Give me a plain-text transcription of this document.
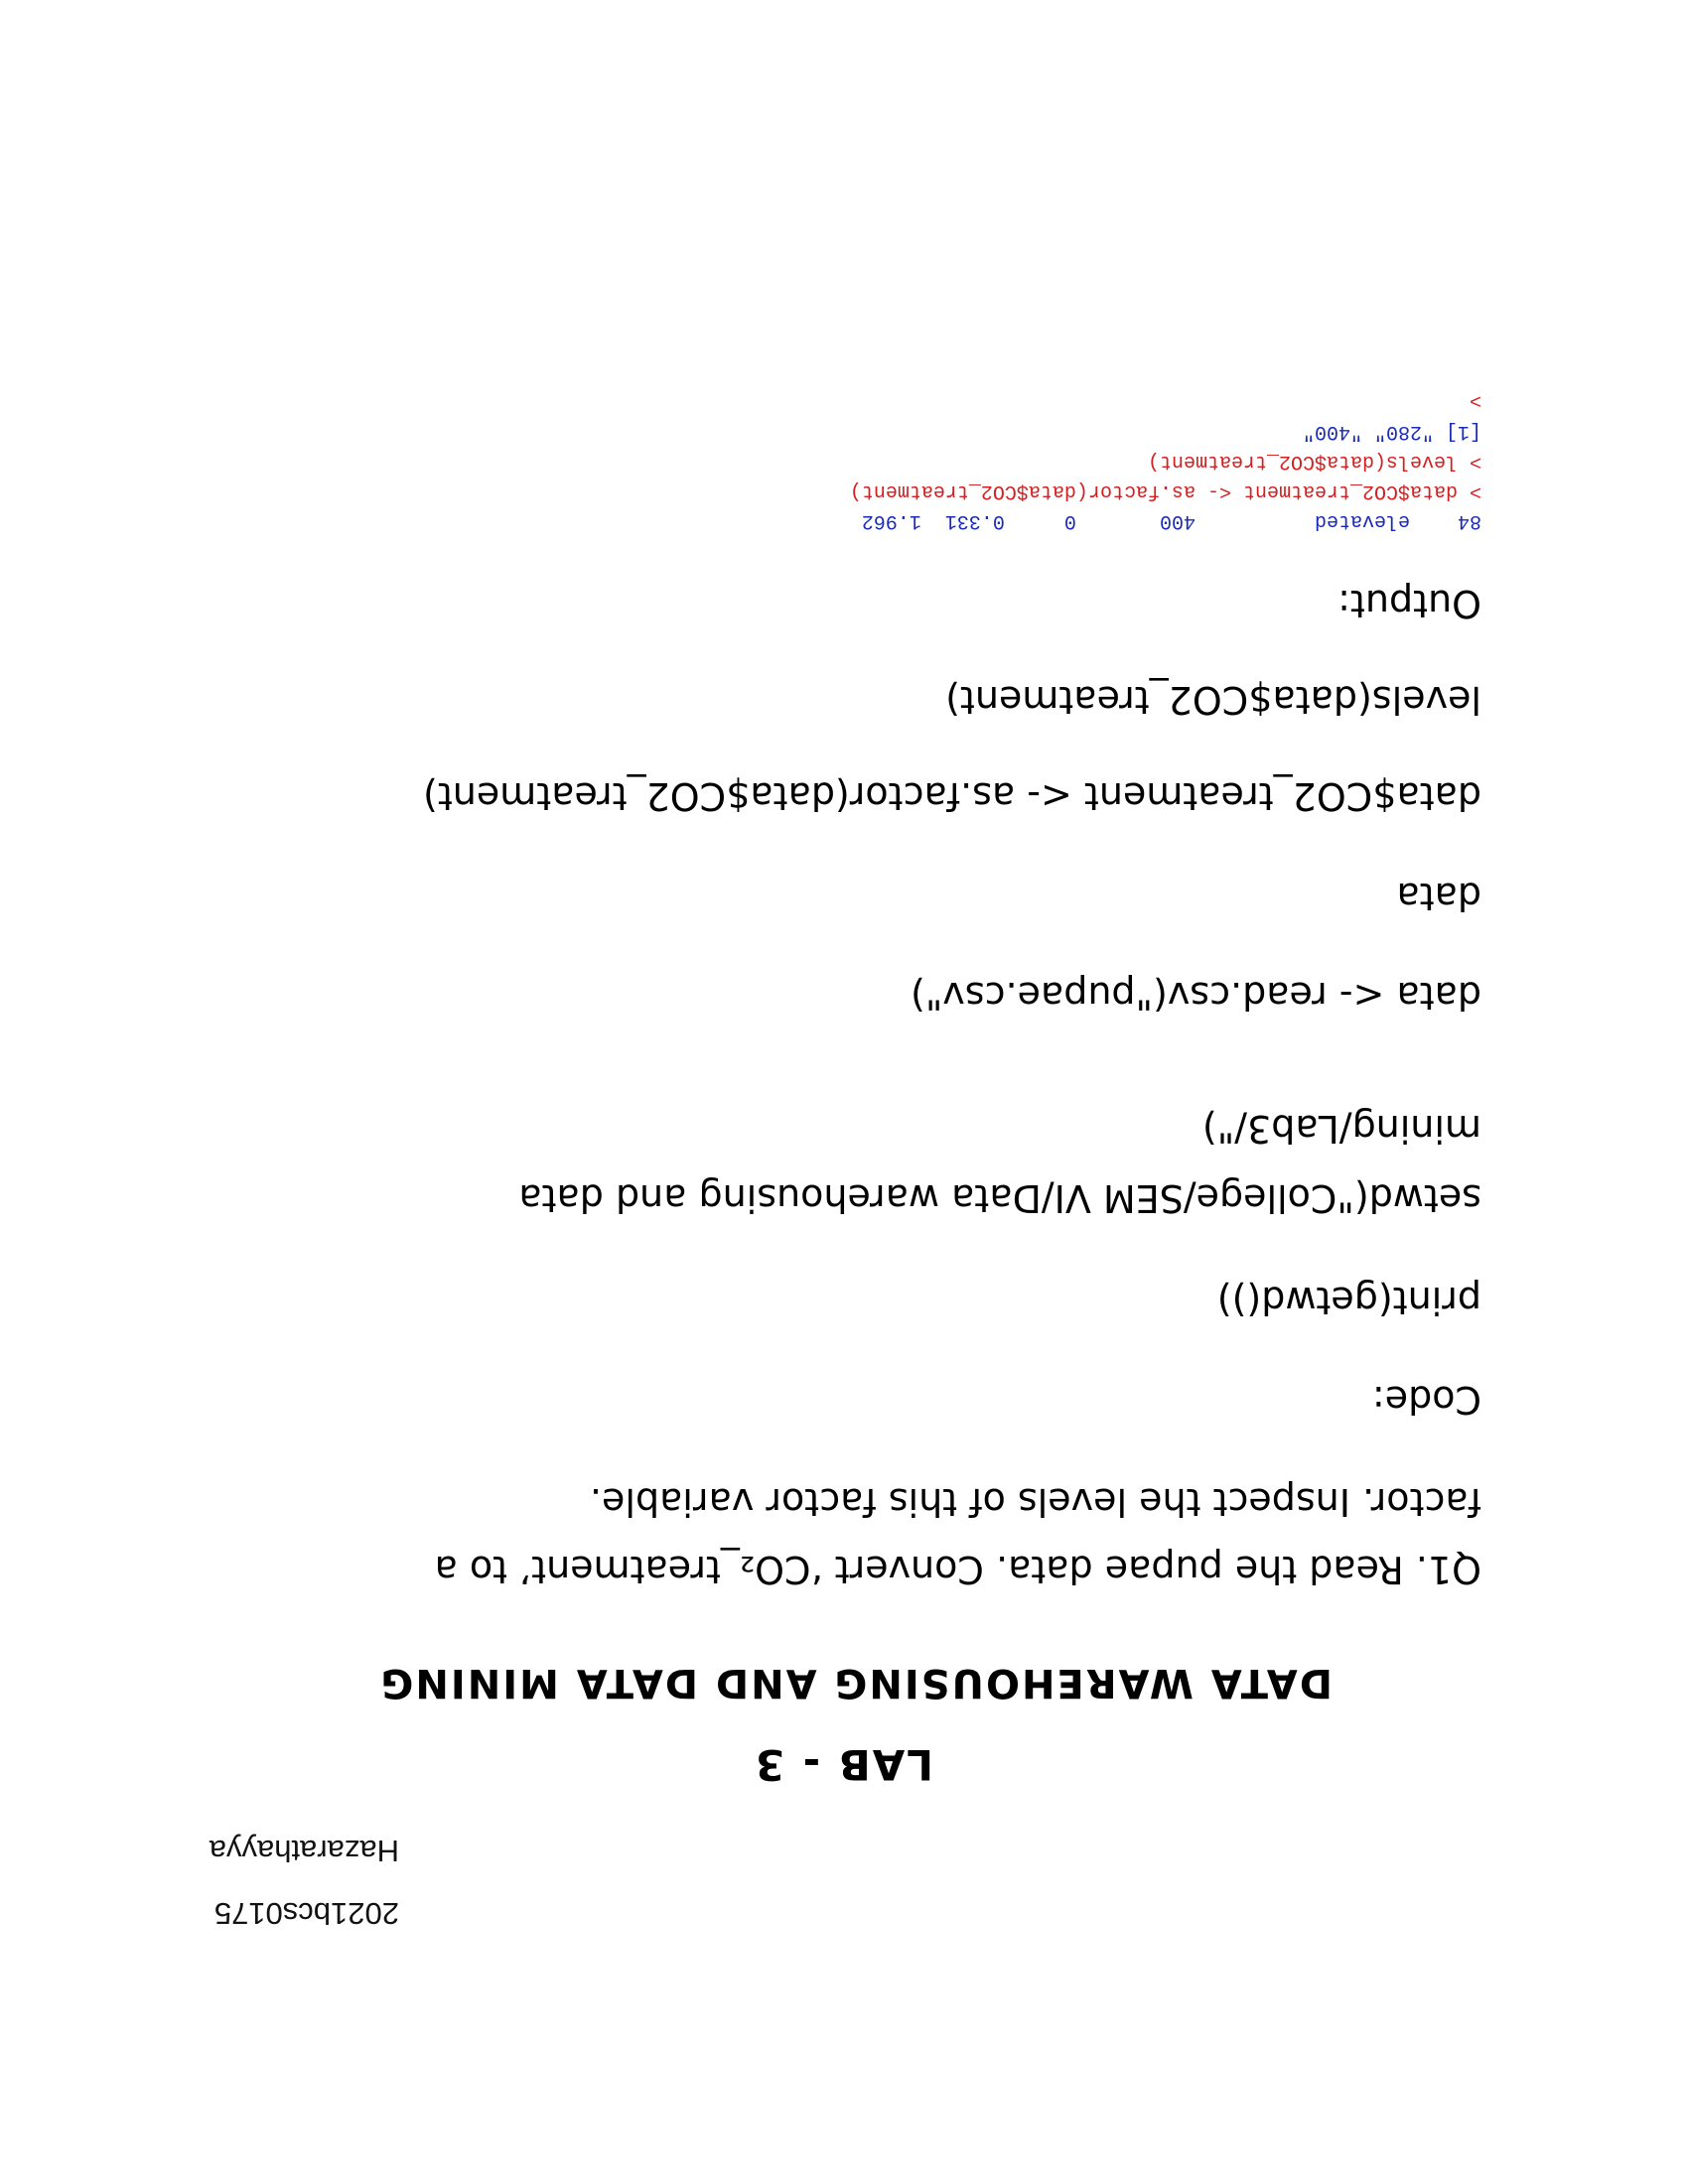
2021bcs0175
Hazarathayya
LAB - 3
DATA WAREHOUSING AND DATA MINING
Q1. Read the pupae data. Convert ‘CO₂_treatment’ to a
factor. Inspect the levels of this factor variable.
Code:
print(getwd())
setwd("College/SEM VI/Data warehousing and data
mining/Lab3/")
data <- read.csv("pupae.csv")
data
data$CO2_treatment <- as.factor(data$CO2_treatment)
levels(data$CO2_treatment)
Output:
84    elevated          400       0     0.331  1.962
> data$CO2_treatment <- as.factor(data$CO2_treatment)
> levels(data$CO2_treatment)
[1] "280" "400"
>
